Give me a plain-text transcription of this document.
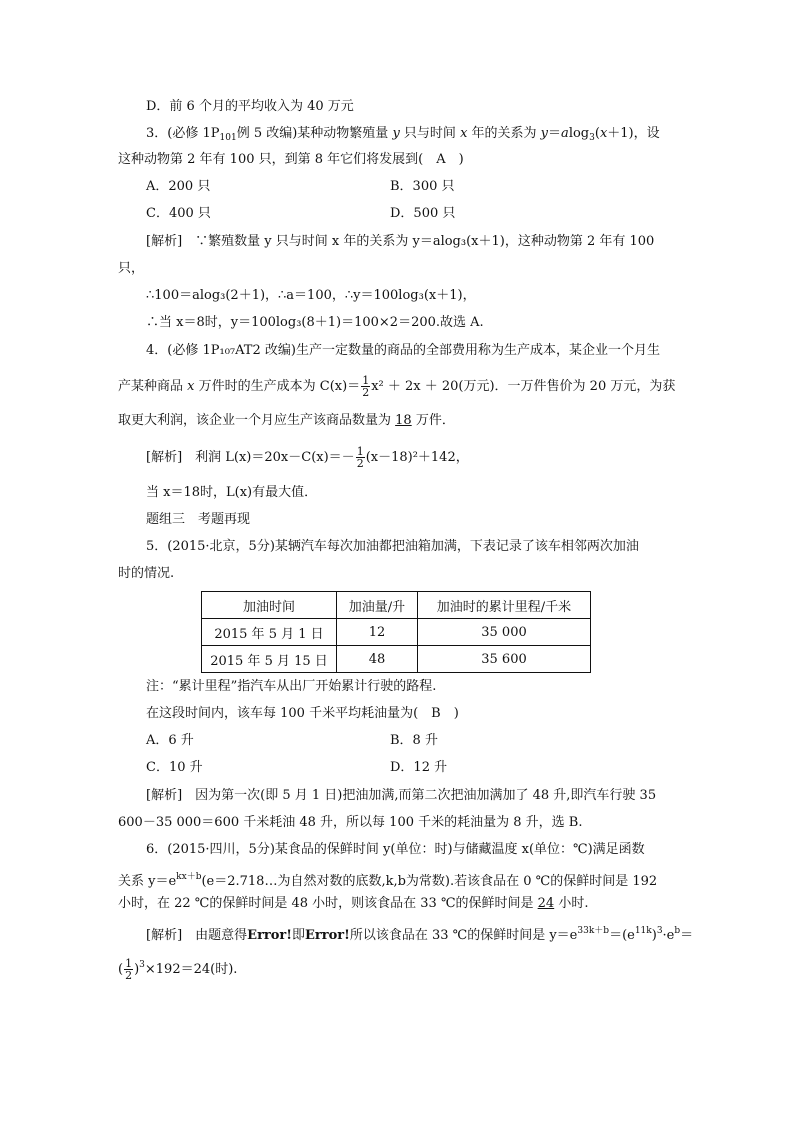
D．前 6 个月的平均收入为 40 万元
3．(必修 $1P_{101}$例 5 改编)某种动物繁殖量 y 只与时间 x 年的关系为 y＝alog$_3$(x＋1)，设
这种动物第 2 年有 100 只，到第 8 年它们将发展到(　A　)
A．200 只	B．300 只
C．400 只	D．500 只
[解析]　∵繁殖数量 y 只与时间 x 年的关系为 y＝alog₃(x＋1)，这种动物第 2 年有 100
只，
∴100＝alog₃(2＋1)，∴a＝100，∴y＝100log₃(x＋1)，
∴当 x＝8时，y＝100log₃(8＋1)＝100×2＝200.故选 A.
4．(必修 1P₁₀₇AT2 改编)生产一定数量的商品的全部费用称为生产成本，某企业一个月生
产某种商品 x 万件时的生产成本为 $C(x)= \frac{1}{2} x^2 + 2x + 20$(万元)．一万件售价为 20 万元，为获
取更大利润，该企业一个月应生产该商品数量为 18 万件．
[解析]　利润 $L(x)=20x-C(x)=- \frac{1}{2} (x-18)^2+142$，
当 x＝18时，L(x)有最大值．
题组三　考题再现
5．(2015·北京，5分)某辆汽车每次加油都把油箱加满，下表记录了该车相邻两次加油
时的情况.
加油时间	加油量/升	加油时的累计里程/千米
2015 年 5 月 1 日	12	35 000
2015 年 5 月 15 日	48	35 600
注：“累计里程”指汽车从出厂开始累计行驶的路程.
在这段时间内，该车每 100 千米平均耗油量为(　B　)
A．6 升	B．8 升
C．10 升	D．12 升
[解析]　因为第一次(即 5 月 1 日)把油加满,而第二次把油加满加了 48 升,即汽车行驶 35
600－35 000＝600 千米耗油 48 升，所以每 100 千米的耗油量为 8 升，选 B.
6．(2015·四川，5分)某食品的保鲜时间 y(单位：时)与储藏温度 x(单位：℃)满足函数
关系 $y=e^{kx+b}(e=2.718\dots$为自然对数的底数,k,b为常数).若该食品在 0 ℃的保鲜时间是 192
小时，在 22 ℃的保鲜时间是 48 小时，则该食品在 33 ℃的保鲜时间是 24 小时.
[解析]　由题意得Error!即Error!所以该食品在 33 ℃的保鲜时间是 $y=e^{33k+b}=(e^{11k})^3\cdot e^b=$
( $\frac{1}{2} )^3\times 192=24$(时).
